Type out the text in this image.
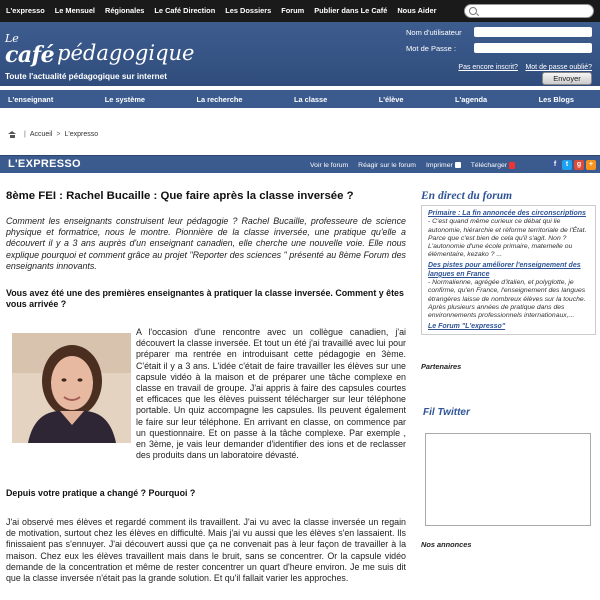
L'expresso	Le Mensuel	Régionales	Le Café Direction	Les Dossiers	Forum	Publier dans Le Café	Nous Aider
Le
café pédagogique
Toute l'actualité pédagogique sur internet
Nom d'utilisateur
Mot de Passe :
Pas encore inscrit? Mot de passe oublié?
Envoyer
L'enseignant	Le système	La recherche	La classe	L'élève	L'agenda	Les Blogs
| Accueil > L'expresso
L'EXPRESSO	Voir le forum Réagir sur le forum Imprimer	Télécharger	f	t	g	+
8ème FEI : Rachel Bucaille : Que faire après la classe inversée ?
Comment les enseignants construisent leur pédagogie ? Rachel Bucaille, professeure de science physique et formatrice, nous le montre. Pionnière de la classe inversée, une pratique qu'elle a découvert il y a 3 ans auprès d'un enseignant canadien, elle cherche une nouvelle voie. Elle nous explique pourquoi et comment grâce au projet "Reporter des sciences " présenté au 8ème Forum des enseignants innovants.
Vous avez été une des premières enseignantes à pratiquer la classe inversée. Comment y êtes vous arrivée ?
A l'occasion d'une rencontre avec un collègue canadien, j'ai découvert la classe inversée. Et tout un été j'ai travaillé avec lui pour préparer ma rentrée en introduisant cette pédagogie en 3ème. C'était il y a 3 ans. L'idée c'était de faire travailler les élèves sur une capsule vidéo à la maison et de préparer une tâche complexe en classe en travail de groupe. J'ai appris à faire des capsules courtes et efficaces que les élèves puissent télécharger sur leur téléphone portable. Un quiz accompagne les capsules. Ils peuvent également le faire sur leur téléphone. En arrivant en classe, on commence par un questionnaire. Et on passe à la tâche complexe. Par exemple , en 3ème, je vais leur demander d'identifier des ions et de reclasser des produits dans un laboratoire dévasté.
Depuis votre pratique a changé ? Pourquoi ?
J'ai observé mes élèves et regardé comment ils travaillent. J'ai vu avec la classe inversée un regain de motivation, surtout chez les élèves en difficulté. Mais j'ai vu aussi que les élèves s'en lassaient. Ils finissaient pas s'ennuyer. J'ai découvert aussi que ça ne convenait pas à leur façon de travailler à la maison. Chez eux les élèves travaillent mais dans le bruit, sans se concentrer. Or la capsule vidéo demande de la concentration et même de rester concentrer un quart d'heure environ. Je me suis dit que la classe inversée n'était pas la grande solution. Et qu'il fallait varier les approches.
En direct du forum
Primaire : La fin annoncée des circonscriptions
- C'est quand même curieux ce débat qui lie autonomie, hiérarchie et réforme territoriale de l'État. Parce que c'est bien de cela qu'il s'agit. Non ? L'autonomie d'une école primaire, matemelle ou élémentaire, kezako ? ...
Des pistes pour améliorer l'enseignement des langues en France
- Normalienne, agrégée d'italien, et polyglotte, je confirme, qu'en France, l'enseignement des langues étrangères laisse de nombreux élèves sur la touche. Après plusieurs années de pratique dans des environnements professionnels internationaux,...
Le Forum "L'expresso"
Partenaires
Fil Twitter
Nos annonces
